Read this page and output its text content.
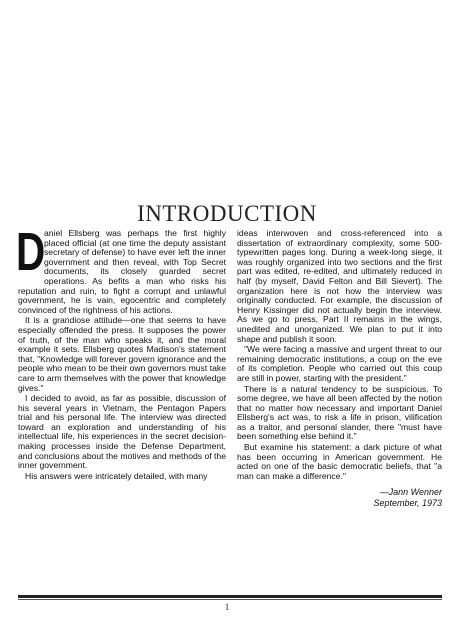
INTRODUCTION

D
aniel Ellsberg was perhaps the first highly placed official (at one time the deputy assistant secretary of defense) to have ever left the inner government and then reveal, with Top Secret documents, its closely guarded secret operations. As befits a man who risks his reputation and ruin, to fight a corrupt and unlawful government, he is vain, egocentric and completely convinced of the rightness of his actions.

It is a grandiose attitude—one that seems to have especially offended the press. It supposes the power of truth, of the man who speaks it, and the moral example it sets. Ellsberg quotes Madison's statement that, "Knowledge will forever govern ignorance and the people who mean to be their own governors must take care to arm themselves with the power that knowledge gives."

I decided to avoid, as far as possible, discussion of his several years in Vietnam, the Pentagon Papers trial and his personal life. The interview was directed toward an exploration and understanding of his intellectual life, his experiences in the secret decision-making processes inside the Defense Department, and conclusions about the motives and methods of the inner government.

His answers were intricately detailed, with many

ideas interwoven and cross-referenced into a dissertation of extraordinary complexity, some 500-typewritten pages long. During a week-long siege, it was roughly organized into two sections and the first part was edited, re-edited, and ultimately reduced in half (by myself, David Felton and Bill Sievert). The organization here is not how the interview was originally conducted. For example, the discussion of Henry Kissinger did not actually begin the interview. As we go to press, Part II remains in the wings, unedited and unorganized. We plan to put it into shape and publish it soon.

"We were facing a massive and urgent threat to our remaining democratic institutions, a coup on the eve of its completion. People who carried out this coup are still in power, starting with the president."

There is a natural tendency to be suspicious. To some degree, we have all been affected by the notion that no matter how necessary and important Daniel Ellsberg's act was, to risk a life in prison, vilification as a traitor, and personal slander, there "must have been something else behind it."

But examine his statement: a dark picture of what has been occurring in American government. He acted on one of the basic democratic beliefs, that "a man can make a difference."

—Jann Wenner
September, 1973
1
